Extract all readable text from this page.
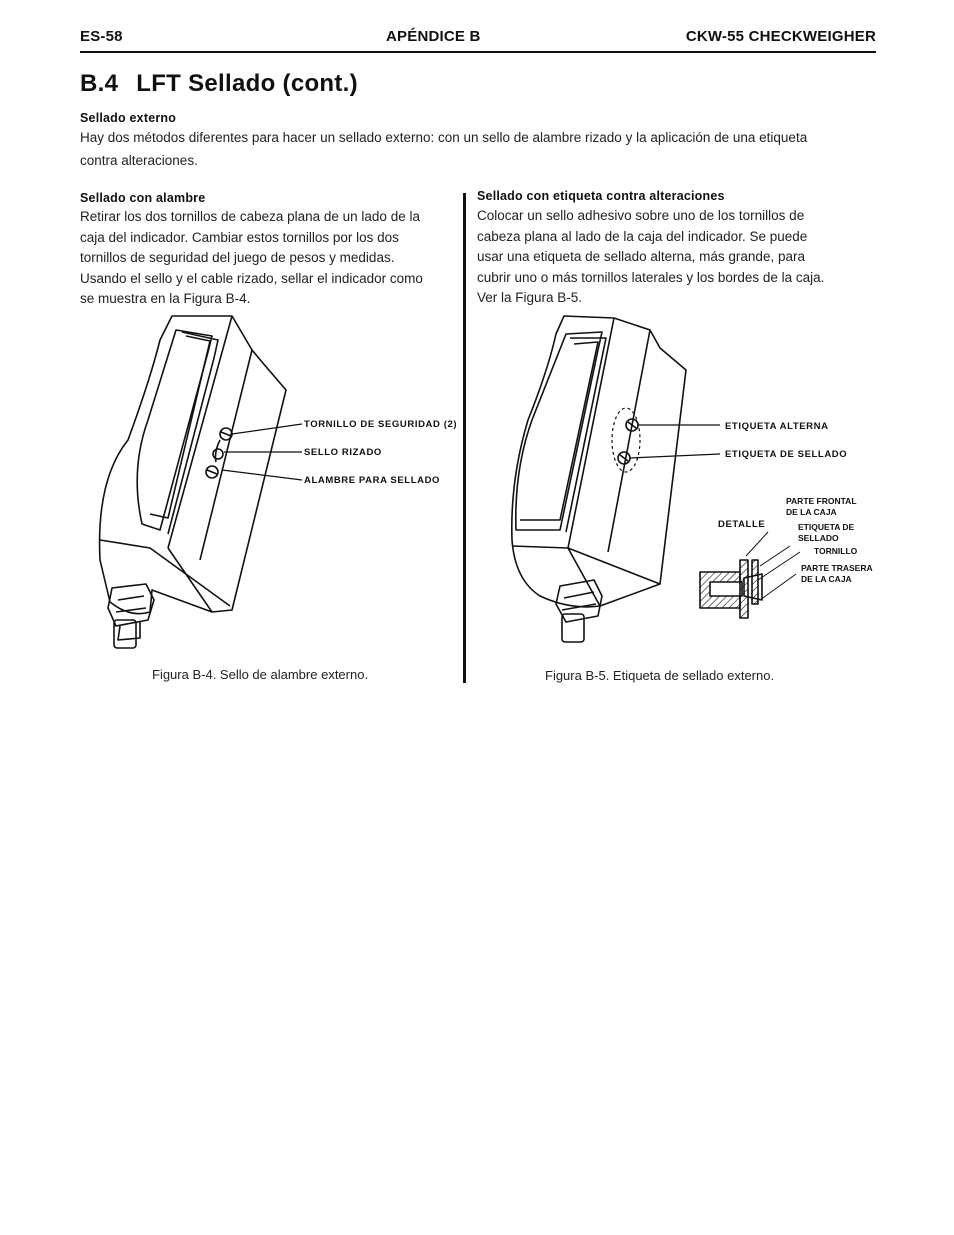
ES-58	APÉNDICE B	CKW-55 CHECKWEIGHER
B.4 LFT Sellado (cont.)
Sellado externo
Hay dos métodos diferentes para hacer un sellado externo: con un sello de alambre rizado y la aplicación de una etiqueta
contra alteraciones.
Sellado con alambre
Retirar los dos tornillos de cabeza plana de un lado de la
caja del indicador. Cambiar estos tornillos por los dos
tornillos de seguridad del juego de pesos y medidas.
Usando el sello y el cable rizado, sellar el indicador como
se muestra en la Figura B-4.
Sellado con etiqueta contra alteraciones
Colocar un sello adhesivo sobre uno de los tornillos de
cabeza plana al lado de la caja del indicador. Se puede
usar una etiqueta de sellado alterna, más grande, para
cubrir uno o más tornillos laterales y los bordes de la caja.
Ver la Figura B-5.
TORNILLO DE SEGURIDAD (2)
SELLO RIZADO
ALAMBRE PARA SELLADO
Figura B-4. Sello de alambre externo.
ETIQUETA ALTERNA
ETIQUETA DE SELLADO
DETALLE
PARTE FRONTAL
DE LA CAJA
ETIQUETA DE
SELLADO
TORNILLO
PARTE TRASERA
DE LA CAJA
Figura B-5. Etiqueta de sellado externo.
